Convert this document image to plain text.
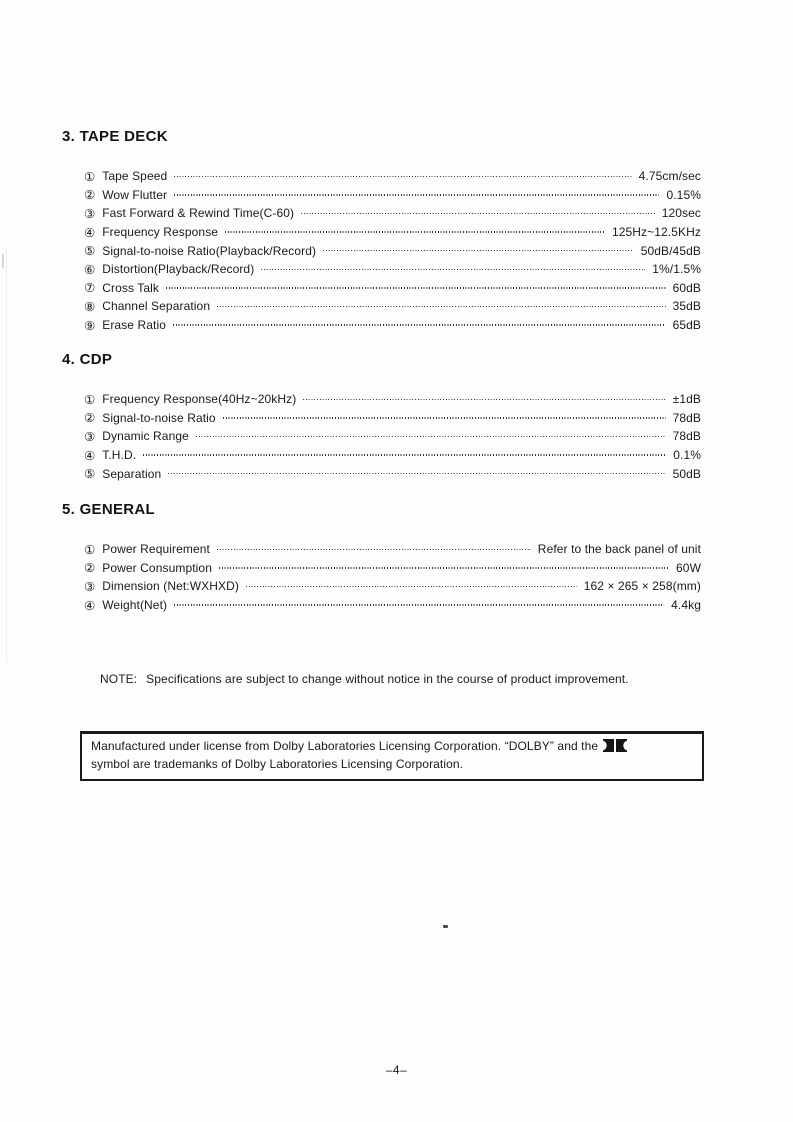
3. TAPE DECK
① Tape Speed	4.75cm/sec
② Wow Flutter	0.15%
③ Fast Forward & Rewind Time(C-60)	120sec
④ Frequency Response	125Hz~12.5KHz
⑤ Signal-to-noise Ratio(Playback/Record)	50dB/45dB
⑥ Distortion(Playback/Record)	1%/1.5%
⑦ Cross Talk	60dB
⑧ Channel Separation	35dB
⑨ Erase Ratio	65dB
4. CDP
① Frequency Response(40Hz~20kHz)	±1dB
② Signal-to-noise Ratio	78dB
③ Dynamic Range	78dB
④ T.H.D.	0.1%
⑤ Separation	50dB
5. GENERAL
① Power Requirement	Refer to the back panel of unit
② Power Consumption	60W
③ Dimension (Net:WXHXD)	162 × 265 × 258(mm)
④ Weight(Net)	4.4kg

NOTE: Specifications are subject to change without notice in the course of product improvement.

Manufactured under license from Dolby Laboratories Licensing Corporation. “DOLBY” and the
symbol are trademanks of Dolby Laboratories Licensing Corporation.
–4–
